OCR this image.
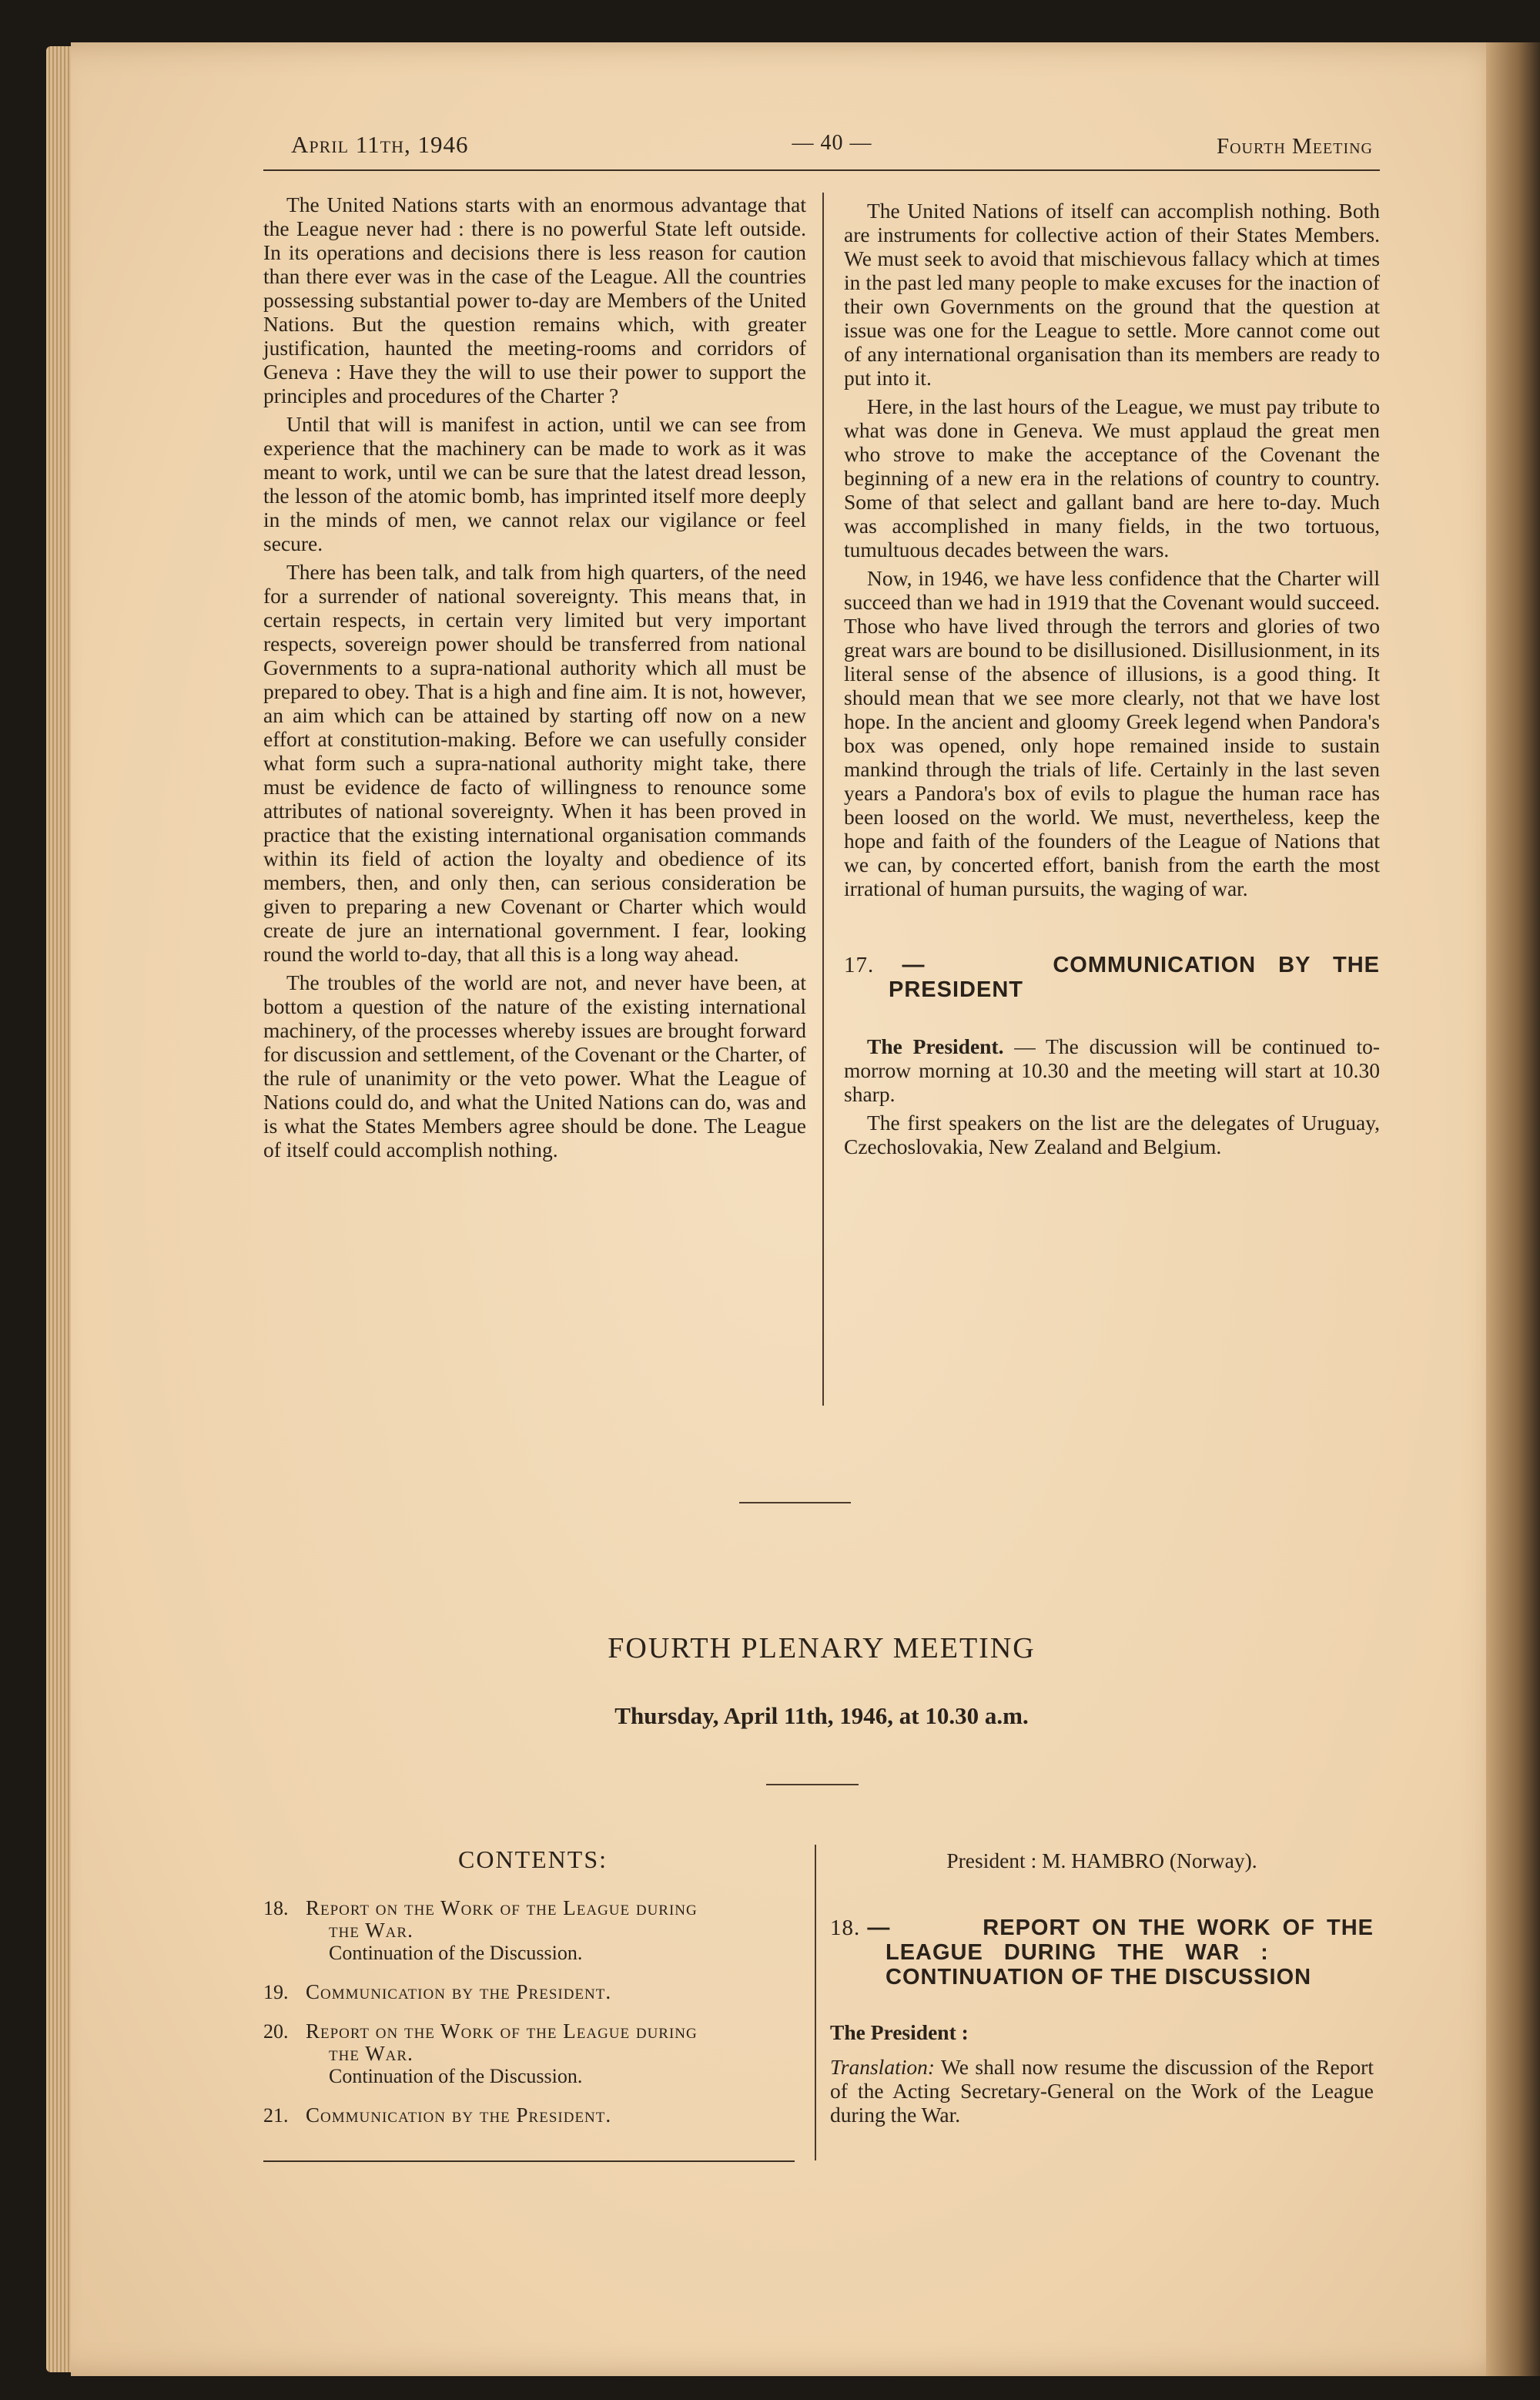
April 11th, 1946	— 40 —	Fourth Meeting

The United Nations starts with an enormous advantage that the League never had : there is no powerful State left outside. In its operations and decisions there is less reason for caution than there ever was in the case of the League. All the countries possessing substantial power to-day are Members of the United Nations. But the question remains which, with greater justification, haunted the meeting-rooms and corridors of Geneva : Have they the will to use their power to support the principles and procedures of the Charter ?

Until that will is manifest in action, until we can see from experience that the machinery can be made to work as it was meant to work, until we can be sure that the latest dread lesson, the lesson of the atomic bomb, has imprinted itself more deeply in the minds of men, we cannot relax our vigilance or feel secure.

There has been talk, and talk from high quarters, of the need for a surrender of national sovereignty. This means that, in certain respects, in certain very limited but very important respects, sovereign power should be transferred from national Governments to a supra-national authority which all must be prepared to obey. That is a high and fine aim. It is not, however, an aim which can be attained by starting off now on a new effort at constitution-making. Before we can usefully consider what form such a supra-national authority might take, there must be evidence de facto of willingness to renounce some attributes of national sovereignty. When it has been proved in practice that the existing international organisation commands within its field of action the loyalty and obedience of its members, then, and only then, can serious consideration be given to preparing a new Covenant or Charter which would create de jure an international government. I fear, looking round the world to-day, that all this is a long way ahead.

The troubles of the world are not, and never have been, at bottom a question of the nature of the existing international machinery, of the processes whereby issues are brought forward for discussion and settlement, of the Covenant or the Charter, of the rule of unanimity or the veto power. What the League of Nations could do, and what the United Nations can do, was and is what the States Members agree should be done. The League of itself could accomplish nothing.

The United Nations of itself can accomplish nothing. Both are instruments for collective action of their States Members. We must seek to avoid that mischievous fallacy which at times in the past led many people to make excuses for the inaction of their own Governments on the ground that the question at issue was one for the League to settle. More cannot come out of any international organisation than its members are ready to put into it.

Here, in the last hours of the League, we must pay tribute to what was done in Geneva. We must applaud the great men who strove to make the acceptance of the Covenant the beginning of a new era in the relations of country to country. Some of that select and gallant band are here to-day. Much was accomplished in many fields, in the two tortuous, tumultuous decades between the wars.

Now, in 1946, we have less confidence that the Charter will succeed than we had in 1919 that the Covenant would succeed. Those who have lived through the terrors and glories of two great wars are bound to be disillusioned. Disillusionment, in its literal sense of the absence of illusions, is a good thing. It should mean that we see more clearly, not that we have lost hope. In the ancient and gloomy Greek legend when Pandora's box was opened, only hope remained inside to sustain mankind through the trials of life. Certainly in the last seven years a Pandora's box of evils to plague the human race has been loosed on the world. We must, nevertheless, keep the hope and faith of the founders of the League of Nations that we can, by concerted effort, banish from the earth the most irrational of human pursuits, the waging of war.

17. —	COMMUNICATION BY THE
PRESIDENT

The President. — The discussion will be continued to-morrow morning at 10.30 and the meeting will start at 10.30 sharp.

The first speakers on the list are the delegates of Uruguay, Czechoslovakia, New Zealand and Belgium.

FOURTH PLENARY MEETING
Thursday, April 11th, 1946, at 10.30 a.m.
CONTENTS:
18. Report on the Work of the League during
the War.
Continuation of the Discussion.
19. Communication by the President.
20. Report on the Work of the League during
the War.
Continuation of the Discussion.
21. Communication by the President.

President : M. HAMBRO (Norway).

18. —	REPORT ON THE WORK OF THE
LEAGUE DURING THE WAR :
CONTINUATION OF THE DISCUSSION

The President :

Translation: We shall now resume the discussion of the Report of the Acting Secretary-General on the Work of the League during the War.
